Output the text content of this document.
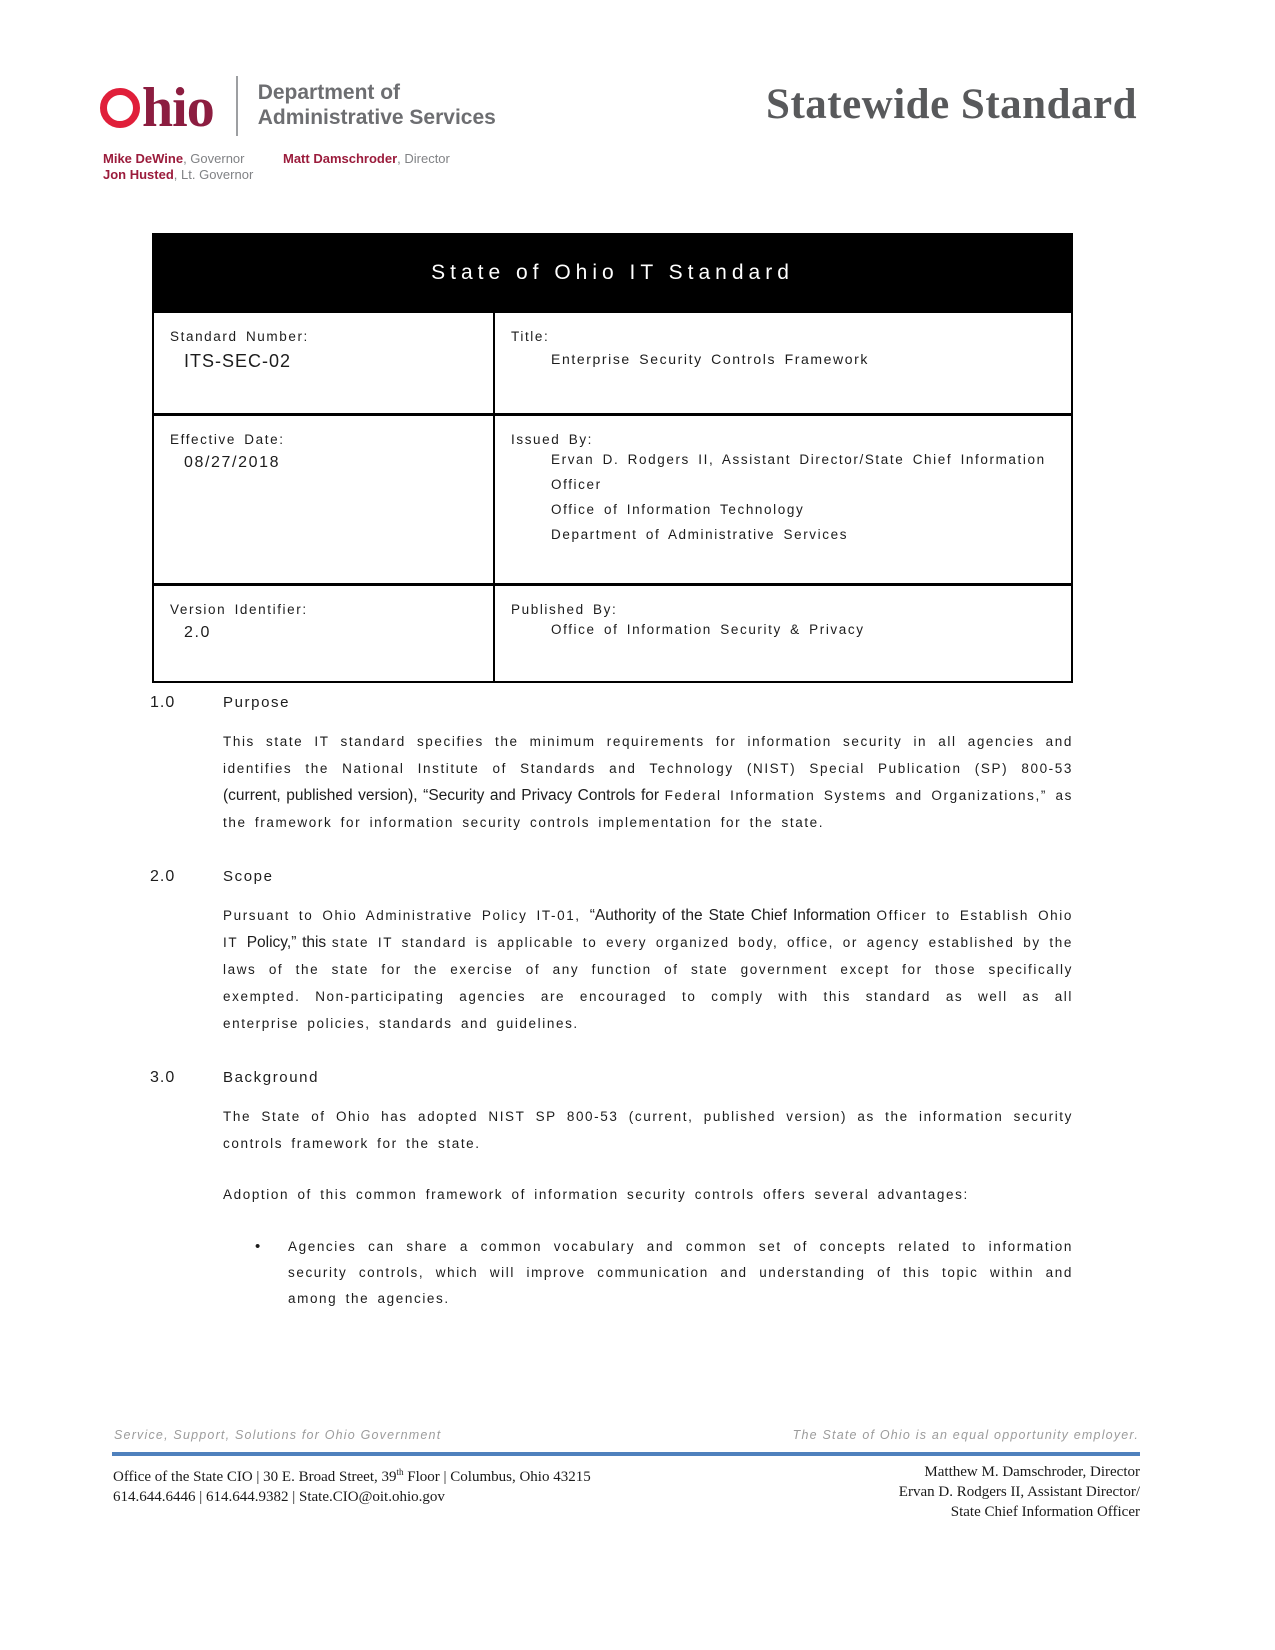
hio Department of
Administrative Services
Mike DeWine, Governor
Jon Husted, Lt. Governor
Matt Damschroder, Director
Statewide Standard
State of Ohio IT Standard
Standard Number:
ITS-SEC-02
Title:
Enterprise Security Controls Framework
Effective Date:
08/27/2018
Issued By:
Ervan D. Rodgers II, Assistant Director/State Chief Information Officer
Office of Information Technology
Department of Administrative Services
Version Identifier:
2.0
Published By:
Office of Information Security & Privacy
1.0	Purpose
This state IT standard specifies the minimum requirements for information security in all agencies and identifies the National Institute of Standards and Technology (NIST) Special Publication (SP) 800-53 (current, published version), “Security and Privacy Controls for Federal Information Systems and Organizations,” as the framework for information security controls implementation for the state.
2.0	Scope
Pursuant to Ohio Administrative Policy IT-01, “Authority of the State Chief Information Officer to Establish Ohio IT Policy,” this state IT standard is applicable to every organized body, office, or agency established by the laws of the state for the exercise of any function of state government except for those specifically exempted. Non-participating agencies are encouraged to comply with this standard as well as all enterprise policies, standards and guidelines.
3.0	Background
The State of Ohio has adopted NIST SP 800-53 (current, published version) as the information security controls framework for the state.
Adoption of this common framework of information security controls offers several advantages:
•	Agencies can share a common vocabulary and common set of concepts related to information security controls, which will improve communication and understanding of this topic within and among the agencies.
Service, Support, Solutions for Ohio Government	The State of Ohio is an equal opportunity employer.
Office of the State CIO | 30 E. Broad Street, 39th Floor | Columbus, Ohio 43215
614.644.6446 | 614.644.9382 | State.CIO@oit.ohio.gov
Matthew M. Damschroder, Director
Ervan D. Rodgers II, Assistant Director/
State Chief Information Officer
